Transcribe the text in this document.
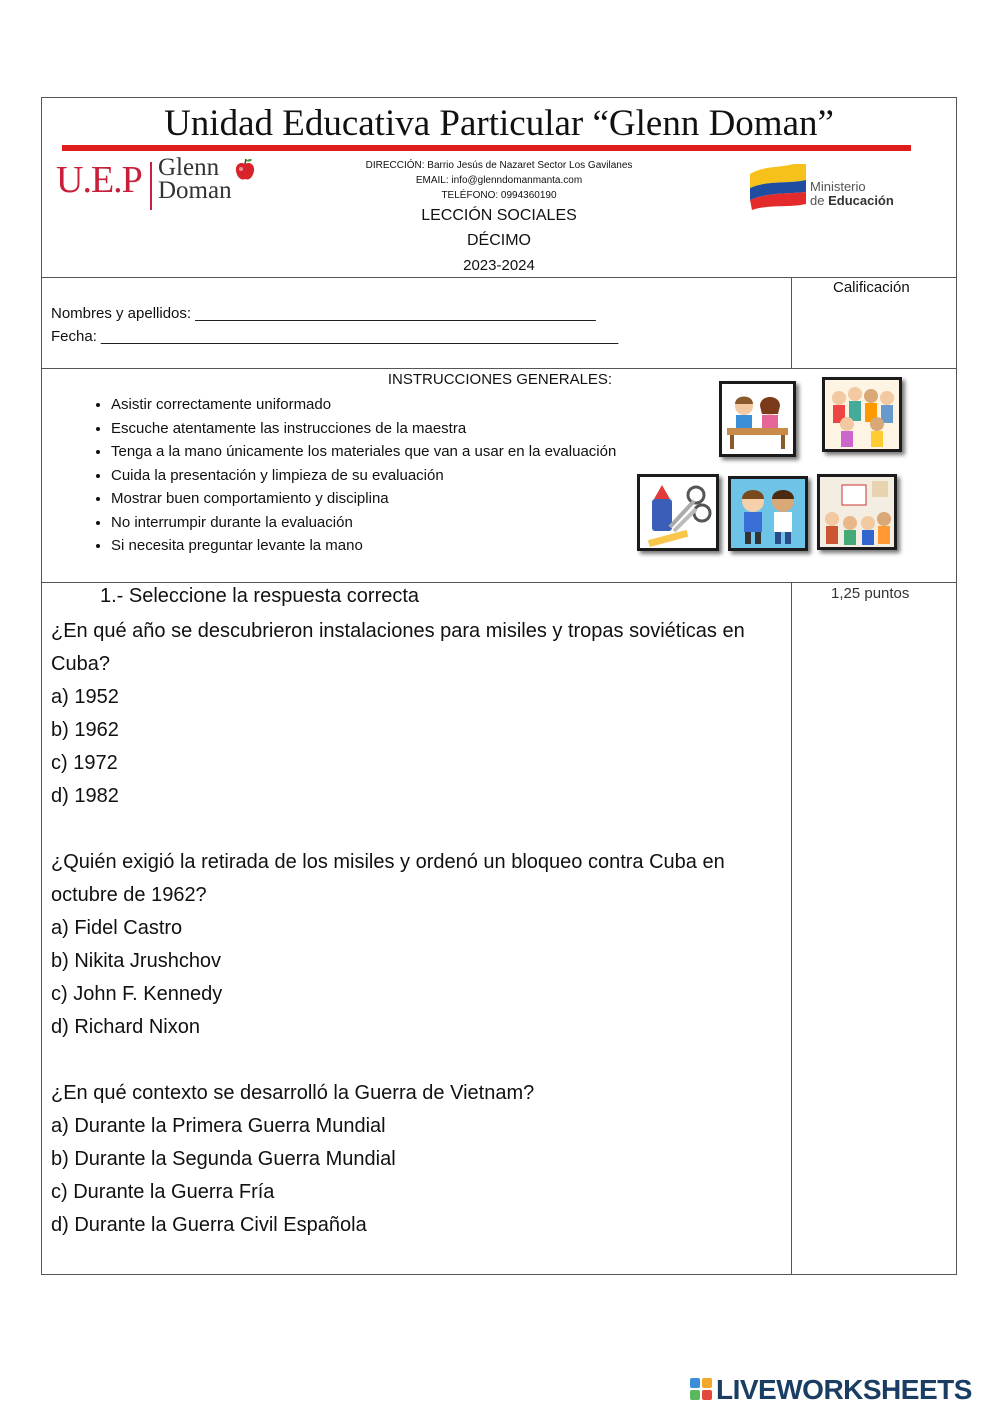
Unidad Educativa Particular “Glenn Doman”
U.E.P Glenn
Doman
DIRECCIÓN: Barrio Jesús de Nazaret Sector Los Gavilanes
EMAIL: info@glenndomanmanta.com
TELÉFONO: 0994360190
LECCIÓN SOCIALES
DÉCIMO
2023-2024
Ministerio
de Educación
Nombres y apellidos: ________________________________________________
Fecha: ______________________________________________________________
Calificación
INSTRUCCIONES GENERALES:
• Asistir correctamente uniformado
• Escuche atentamente las instrucciones de la maestra
• Tenga a la mano únicamente los materiales que van a usar en la evaluación
• Cuida la presentación y limpieza de su evaluación
• Mostrar buen comportamiento y disciplina
• No interrumpir durante la evaluación
• Si necesita preguntar levante la mano
1.- Seleccione la respuesta correcta	1,25 puntos

¿En qué año se descubrieron instalaciones para misiles y tropas soviéticas en Cuba?

a) 1952

b) 1962

c) 1972

d) 1982

¿Quién exigió la retirada de los misiles y ordenó un bloqueo contra Cuba en octubre de 1962?

a) Fidel Castro

b) Nikita Jrushchov

c) John F. Kennedy

d) Richard Nixon

¿En qué contexto se desarrolló la Guerra de Vietnam?

a) Durante la Primera Guerra Mundial

b) Durante la Segunda Guerra Mundial

c) Durante la Guerra Fría

d) Durante la Guerra Civil Española

LIVEWORKSHEETS
